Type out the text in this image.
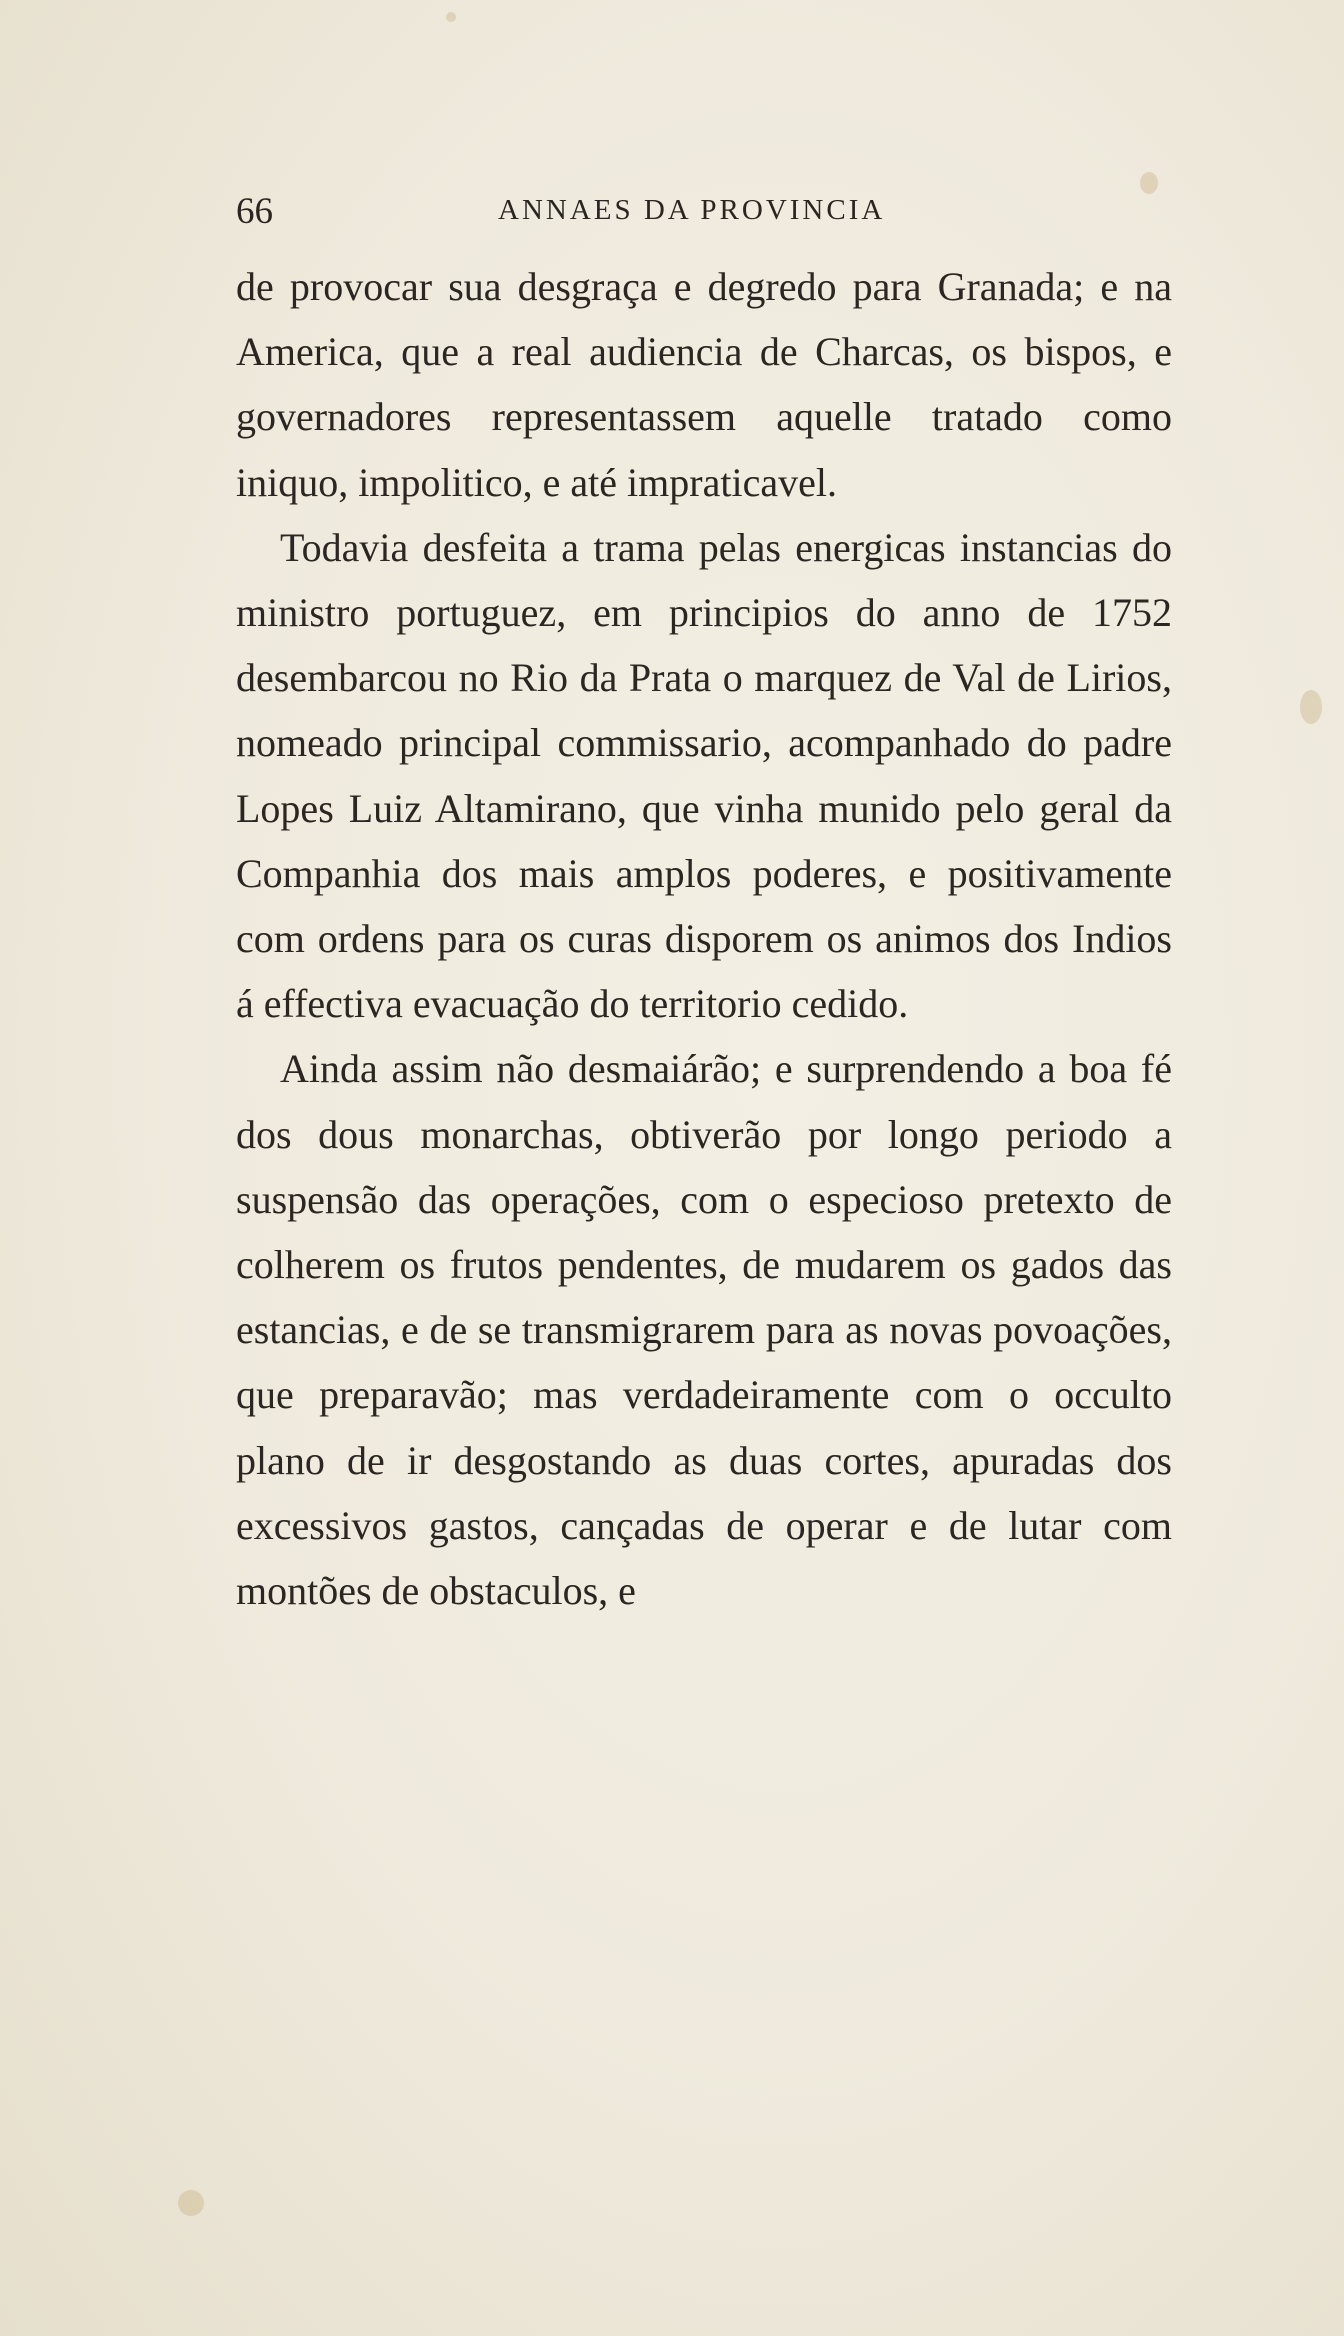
66	ANNAES DA PROVINCIA

de provocar sua desgraça e degredo para Granada; e na America, que a real audiencia de Charcas, os bispos, e governadores representassem aquelle tratado como iniquo, impolitico, e até impraticavel.

Todavia desfeita a trama pelas energicas instancias do ministro portuguez, em principios do anno de 1752 desembarcou no Rio da Prata o marquez de Val de Lirios, nomeado principal commissario, acompanhado do padre Lopes Luiz Altamirano, que vinha munido pelo geral da Companhia dos mais amplos poderes, e positivamente com ordens para os curas disporem os animos dos Indios á effectiva evacuação do territorio cedido.

Ainda assim não desmaiárão; e surprendendo a boa fé dos dous monarchas, obtiverão por longo periodo a suspensão das operações, com o especioso pretexto de colherem os frutos pendentes, de mudarem os gados das estancias, e de se transmigrarem para as novas povoações, que preparavão; mas verdadeiramente com o occulto plano de ir desgostando as duas cortes, apuradas dos excessivos gastos, cançadas de operar e de lutar com montões de obstaculos, e
